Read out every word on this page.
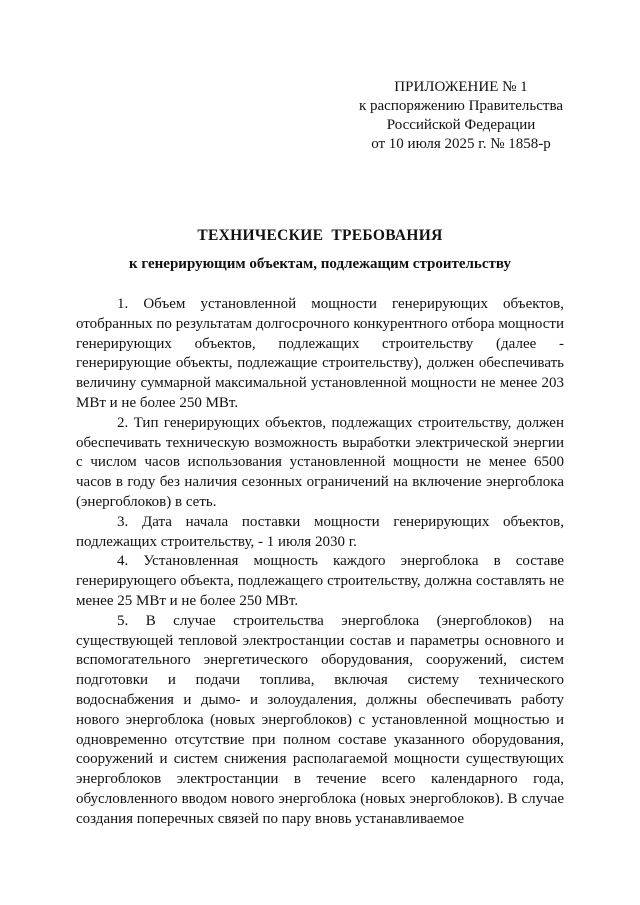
ПРИЛОЖЕНИЕ № 1
к распоряжению Правительства
Российской Федерации
от 10 июля 2025 г. № 1858-р
ТЕХНИЧЕСКИЕ ТРЕБОВАНИЯ
к генерирующим объектам, подлежащим строительству

1. Объем установленной мощности генерирующих объектов, отобранных по результатам долгосрочного конкурентного отбора мощности генерирующих объектов, подлежащих строительству (далее - генерирующие объекты, подлежащие строительству), должен обеспечивать величину суммарной максимальной установленной мощности не менее 203 МВт и не более 250 МВт.

2. Тип генерирующих объектов, подлежащих строительству, должен обеспечивать техническую возможность выработки электрической энергии с числом часов использования установленной мощности не менее 6500 часов в году без наличия сезонных ограничений на включение энергоблока (энергоблоков) в сеть.

3. Дата начала поставки мощности генерирующих объектов, подлежащих строительству, - 1 июля 2030 г.

4. Установленная мощность каждого энергоблока в составе генерирующего объекта, подлежащего строительству, должна составлять не менее 25 МВт и не более 250 МВт.

5. В случае строительства энергоблока (энергоблоков) на существующей тепловой электростанции состав и параметры основного и вспомогательного энергетического оборудования, сооружений, систем подготовки и подачи топлива, включая систему технического водоснабжения и дымо- и золоудаления, должны обеспечивать работу нового энергоблока (новых энергоблоков) с установленной мощностью и одновременно отсутствие при полном составе указанного оборудования, сооружений и систем снижения располагаемой мощности существующих энергоблоков электростанции в течение всего календарного года, обусловленного вводом нового энергоблока (новых энергоблоков). В случае создания поперечных связей по пару вновь устанавливаемое
